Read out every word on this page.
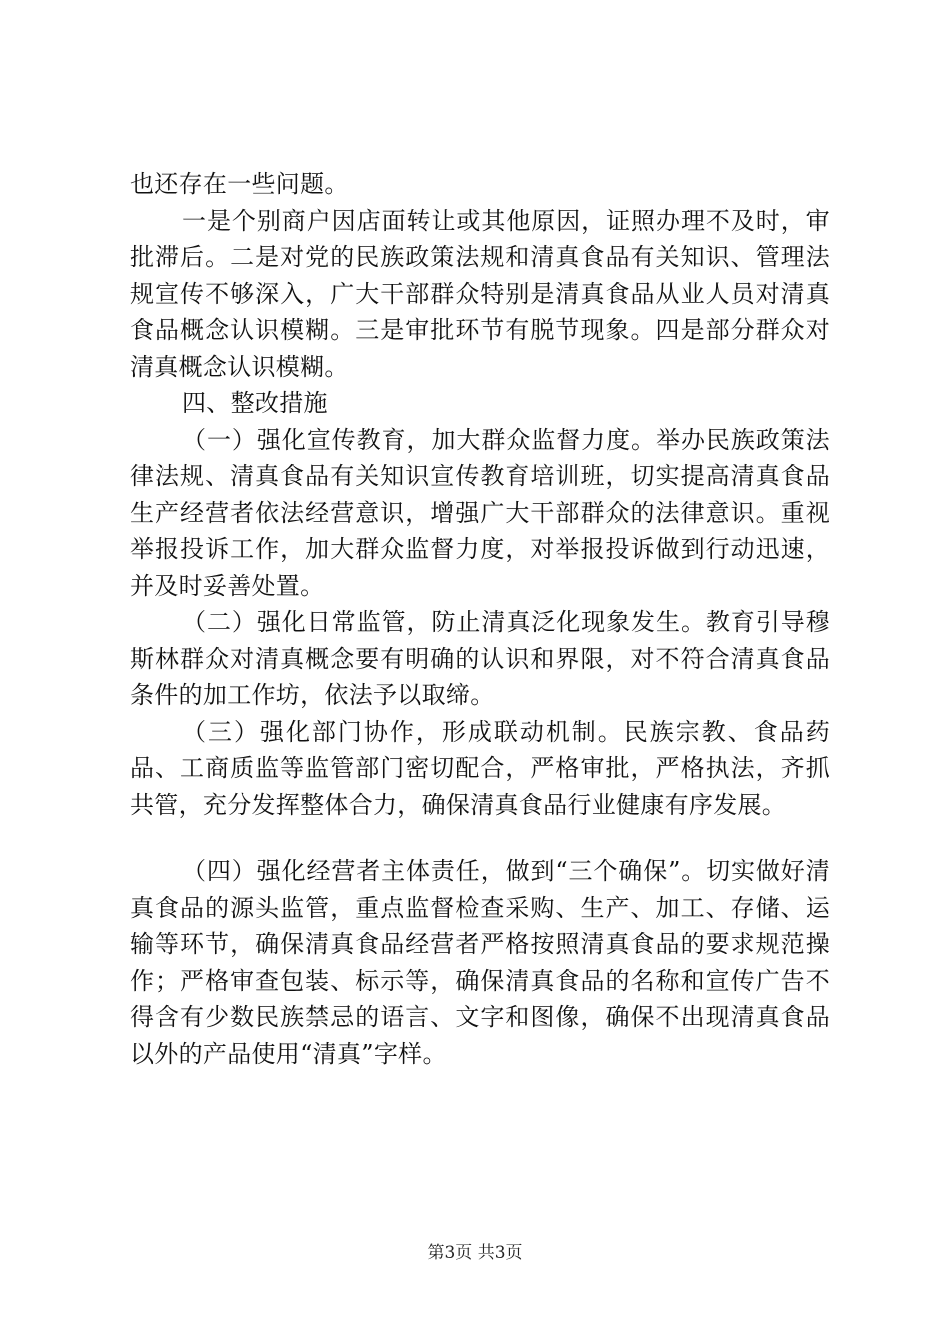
也还存在一些问题。

一是个别商户因店面转让或其他原因，证照办理不及时，审批滞后。二是对党的民族政策法规和清真食品有关知识、管理法规宣传不够深入，广大干部群众特别是清真食品从业人员对清真食品概念认识模糊。三是审批环节有脱节现象。四是部分群众对清真概念认识模糊。

四、整改措施

（一）强化宣传教育，加大群众监督力度。举办民族政策法律法规、清真食品有关知识宣传教育培训班，切实提高清真食品生产经营者依法经营意识，增强广大干部群众的法律意识。重视举报投诉工作，加大群众监督力度，对举报投诉做到行动迅速，并及时妥善处置。

（二）强化日常监管，防止清真泛化现象发生。教育引导穆斯林群众对清真概念要有明确的认识和界限，对不符合清真食品条件的加工作坊，依法予以取缔。

（三）强化部门协作，形成联动机制。民族宗教、食品药品、工商质监等监管部门密切配合，严格审批，严格执法，齐抓共管，充分发挥整体合力，确保清真食品行业健康有序发展。

（四）强化经营者主体责任，做到“三个确保”。切实做好清真食品的源头监管，重点监督检查采购、生产、加工、存储、运输等环节，确保清真食品经营者严格按照清真食品的要求规范操作；严格审查包装、标示等，确保清真食品的名称和宣传广告不得含有少数民族禁忌的语言、文字和图像，确保不出现清真食品以外的产品使用“清真”字样。

第3页 共3页
